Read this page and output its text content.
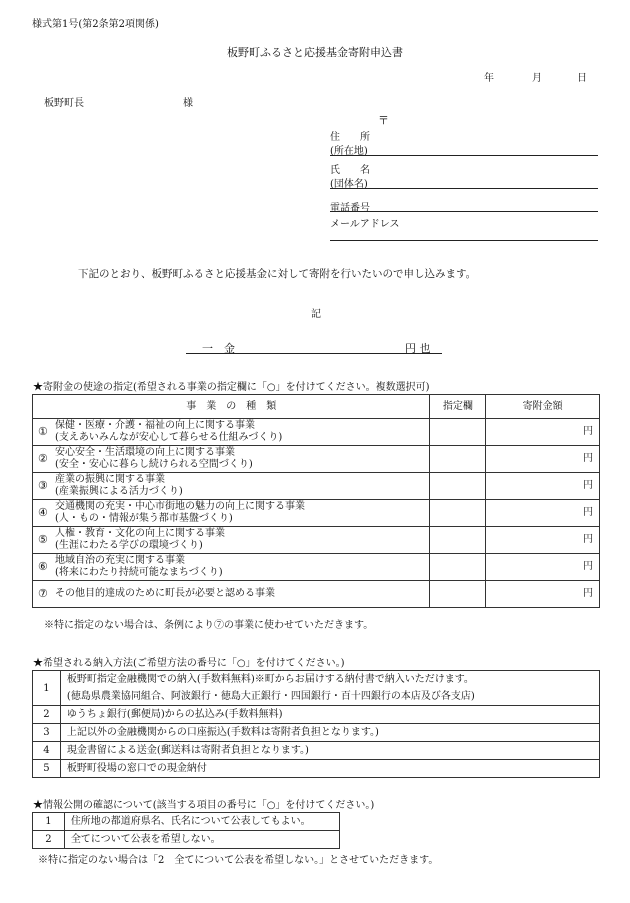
様式第1号(第2条第2項関係)
板野町ふるさと応援基金寄附申込書
年	月	日
板野町長	様
〒
住　　所
(所在地)
氏　　名
(団体名)
電話番号
メールアドレス
下記のとおり、板野町ふるさと応援基金に対して寄附を行いたいので申し込みます。
記
一　金	円 也
★寄附金の使途の指定(希望される事業の指定欄に「○」を付けてください。複数選択可)
事　業　の　種　類		指定欄	寄附金額
①	保健・医療・介護・福祉の向上に関する事業
(支えあいみんなが安心して暮らせる仕組みづくり)		円
②	安心安全・生活環境の向上に関する事業
(安全・安心に暮らし続けられる空間づくり)		円
③	産業の振興に関する事業
(産業振興による活力づくり)		円
④	交通機関の充実・中心市街地の魅力の向上に関する事業
(人・もの・情報が集う都市基盤づくり)		円
⑤	人権・教育・文化の向上に関する事業
(生涯にわたる学びの環境づくり)		円
⑥	地域自治の充実に関する事業
(将来にわたり持続可能なまちづくり)		円
⑦	その他目的達成のために町長が必要と認める事業		円
※特に指定のない場合は、条例により⑦の事業に使わせていただきます。
★希望される納入方法(ご希望方法の番号に「○」を付けてください。)
1	板野町指定金融機関での納入(手数料無料)※町からお届けする納付書で納入いただけます。
(徳島県農業協同組合、阿波銀行・徳島大正銀行・四国銀行・百十四銀行の本店及び各支店)

2	ゆうちょ銀行(郵便局)からの払込み(手数料無料)
3	上記以外の金融機関からの口座振込(手数料は寄附者負担となります。)
4	現金書留による送金(郵送料は寄附者負担となります。)
5	板野町役場の窓口での現金納付
★情報公開の確認について(該当する項目の番号に「○」を付けてください。)
1	住所地の都道府県名、氏名について公表してもよい。
2	全てについて公表を希望しない。
※特に指定のない場合は「2　全てについて公表を希望しない。」とさせていただきます。
